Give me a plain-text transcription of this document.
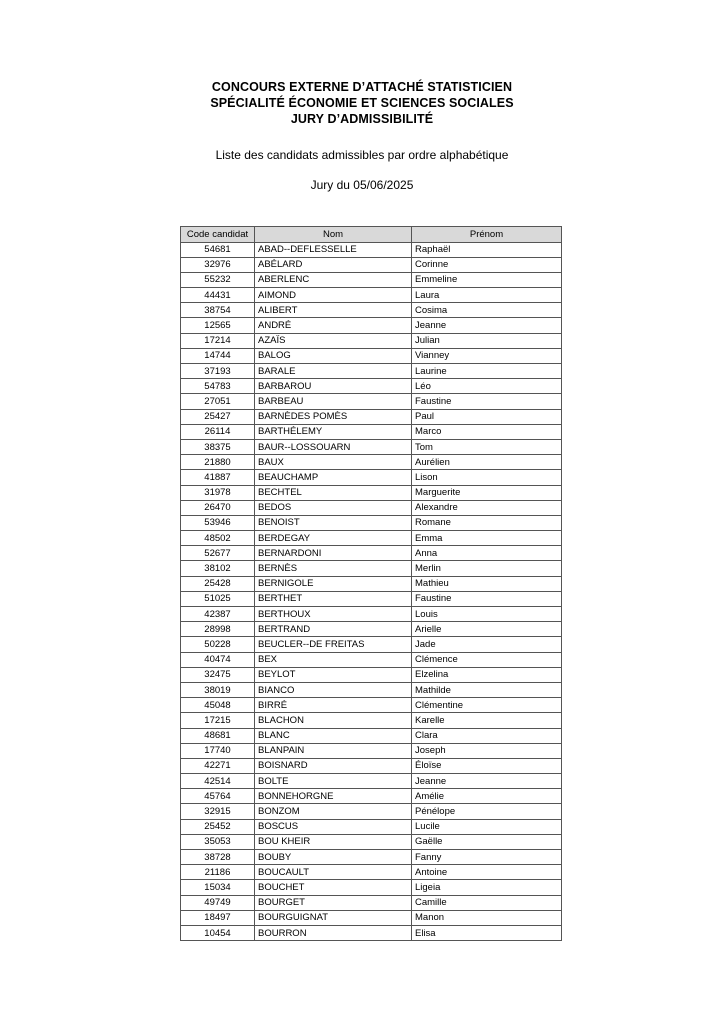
CONCOURS EXTERNE D’ATTACHÉ STATISTICIEN
SPÉCIALITÉ ÉCONOMIE ET SCIENCES SOCIALES
JURY D’ADMISSIBILITÉ
Liste des candidats admissibles par ordre alphabétique
Jury du 05/06/2025
Code candidat	Nom	Prénom
54681	ABAD--DEFLESSELLE	Raphaël
32976	ABÉLARD	Corinne
55232	ABERLENC	Emmeline
44431	AIMOND	Laura
38754	ALIBERT	Cosima
12565	ANDRÉ	Jeanne
17214	AZAÏS	Julian
14744	BALOG	Vianney
37193	BARALE	Laurine
54783	BARBAROU	Léo
27051	BARBEAU	Faustine
25427	BARNÈDES POMÈS	Paul
26114	BARTHÉLEMY	Marco
38375	BAUR--LOSSOUARN	Tom
21880	BAUX	Aurélien
41887	BEAUCHAMP	Lison
31978	BECHTEL	Marguerite
26470	BEDOS	Alexandre
53946	BENOIST	Romane
48502	BERDEGAY	Emma
52677	BERNARDONI	Anna
38102	BERNÈS	Merlin
25428	BERNIGOLE	Mathieu
51025	BERTHET	Faustine
42387	BERTHOUX	Louis
28998	BERTRAND	Arielle
50228	BEUCLER--DE FREITAS	Jade
40474	BEX	Clémence
32475	BEYLOT	Elzelina
38019	BIANCO	Mathilde
45048	BIRRÉ	Clémentine
17215	BLACHON	Karelle
48681	BLANC	Clara
17740	BLANPAIN	Joseph
42271	BOISNARD	Éloïse
42514	BOLTE	Jeanne
45764	BONNEHORGNE	Amélie
32915	BONZOM	Pénélope
25452	BOSCUS	Lucile
35053	BOU KHEIR	Gaëlle
38728	BOUBY	Fanny
21186	BOUCAULT	Antoine
15034	BOUCHET	Ligeia
49749	BOURGET	Camille
18497	BOURGUIGNAT	Manon
10454	BOURRON	Elisa
